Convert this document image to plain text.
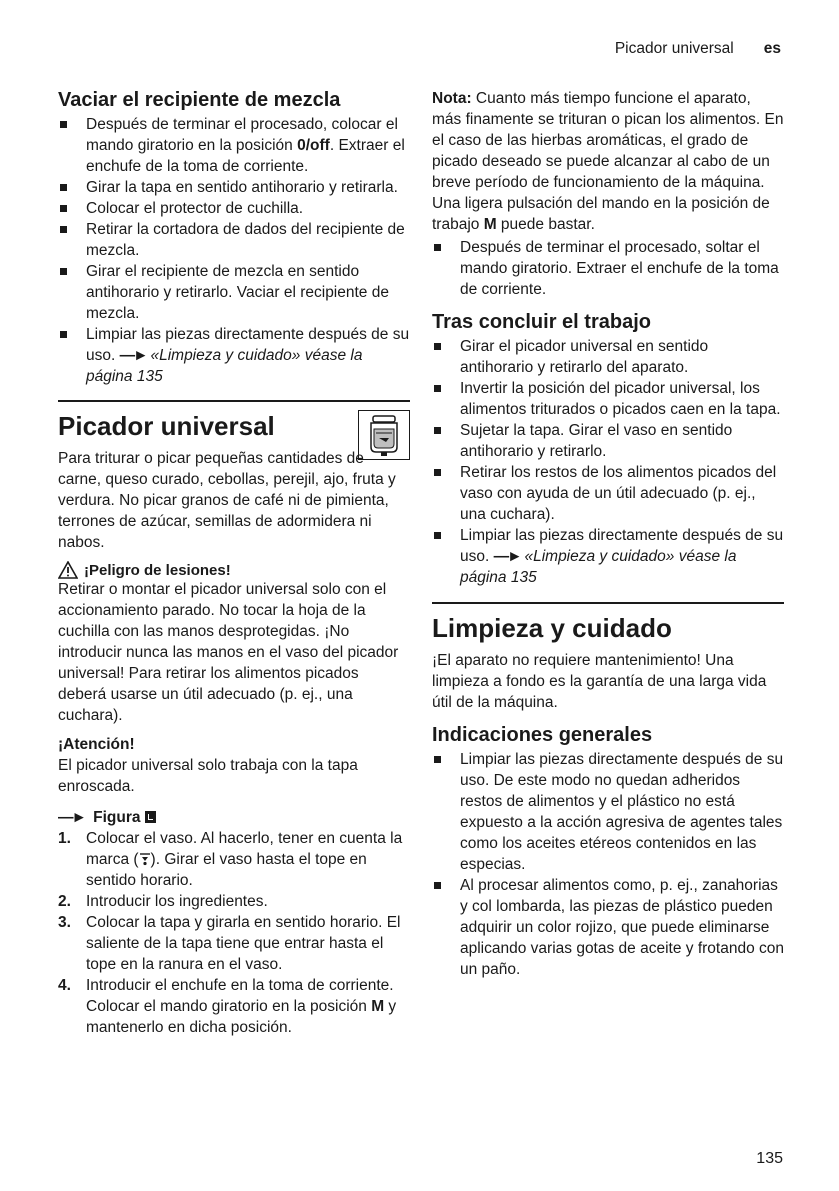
Picador universal es
Vaciar el recipiente de mezcla
Después de terminar el procesado, colocar el mando giratorio en la posición 0/off. Extraer el enchufe de la toma de corriente.
Girar la tapa en sentido antihorario y retirarla.
Colocar el protector de cuchilla.
Retirar la cortadora de dados del recipiente de mezcla.
Girar el recipiente de mezcla en sentido antihorario y retirarlo. Vaciar el recipiente de mezcla.
Limpiar las piezas directamente después de su uso. —► «Limpieza y cuidado» véase la página 135
Picador universal

Para triturar o picar pequeñas cantidades de carne, queso curado, cebollas, perejil, ajo, fruta y verdura. No picar granos de café ni de pimienta, terrones de azúcar, semillas de adormidera ni nabos.

¡Peligro de lesiones!

Retirar o montar el picador universal solo con el accionamiento parado. No tocar la hoja de la cuchilla con las manos desprotegidas. ¡No introducir nunca las manos en el vaso del picador universal! Para retirar los alimentos picados deberá usarse un útil adecuado (p. ej., una cuchara).

¡Atención!

El picador universal solo trabaja con la tapa enroscada.

—► Figura

1. Colocar el vaso. Al hacerlo, tener en cuenta la marca ( ). Girar el vaso hasta el tope en sentido horario.
2. Introducir los ingredientes.
3. Colocar la tapa y girarla en sentido horario. El saliente de la tapa tiene que entrar hasta el tope en la ranura en el vaso.
4. Introducir el enchufe en la toma de corriente. Colocar el mando giratorio en la posición M y mantenerlo en dicha posición.

Nota: Cuanto más tiempo funcione el aparato, más finamente se trituran o pican los alimentos. En el caso de las hierbas aromáticas, el grado de picado deseado se puede alcanzar al cabo de un breve período de funcionamiento de la máquina. Una ligera pulsación del mando en la posición de trabajo M puede bastar.

Después de terminar el procesado, soltar el mando giratorio. Extraer el enchufe de la toma de corriente.
Tras concluir el trabajo
Girar el picador universal en sentido antihorario y retirarlo del aparato.
Invertir la posición del picador universal, los alimentos triturados o picados caen en la tapa.
Sujetar la tapa. Girar el vaso en sentido antihorario y retirarlo.
Retirar los restos de los alimentos picados del vaso con ayuda de un útil adecuado (p. ej., una cuchara).
Limpiar las piezas directamente después de su uso. —► «Limpieza y cuidado» véase la página 135
Limpieza y cuidado

¡El aparato no requiere mantenimiento! Una limpieza a fondo es la garantía de una larga vida útil de la máquina.

Indicaciones generales
Limpiar las piezas directamente después de su uso. De este modo no quedan adheridos restos de alimentos y el plástico no está expuesto a la acción agresiva de agentes tales como los aceites etéreos contenidos en las especias.
Al procesar alimentos como, p. ej., zanahorias y col lombarda, las piezas de plástico pueden adquirir un color rojizo, que puede eliminarse aplicando varias gotas de aceite y frotando con un paño.
135
